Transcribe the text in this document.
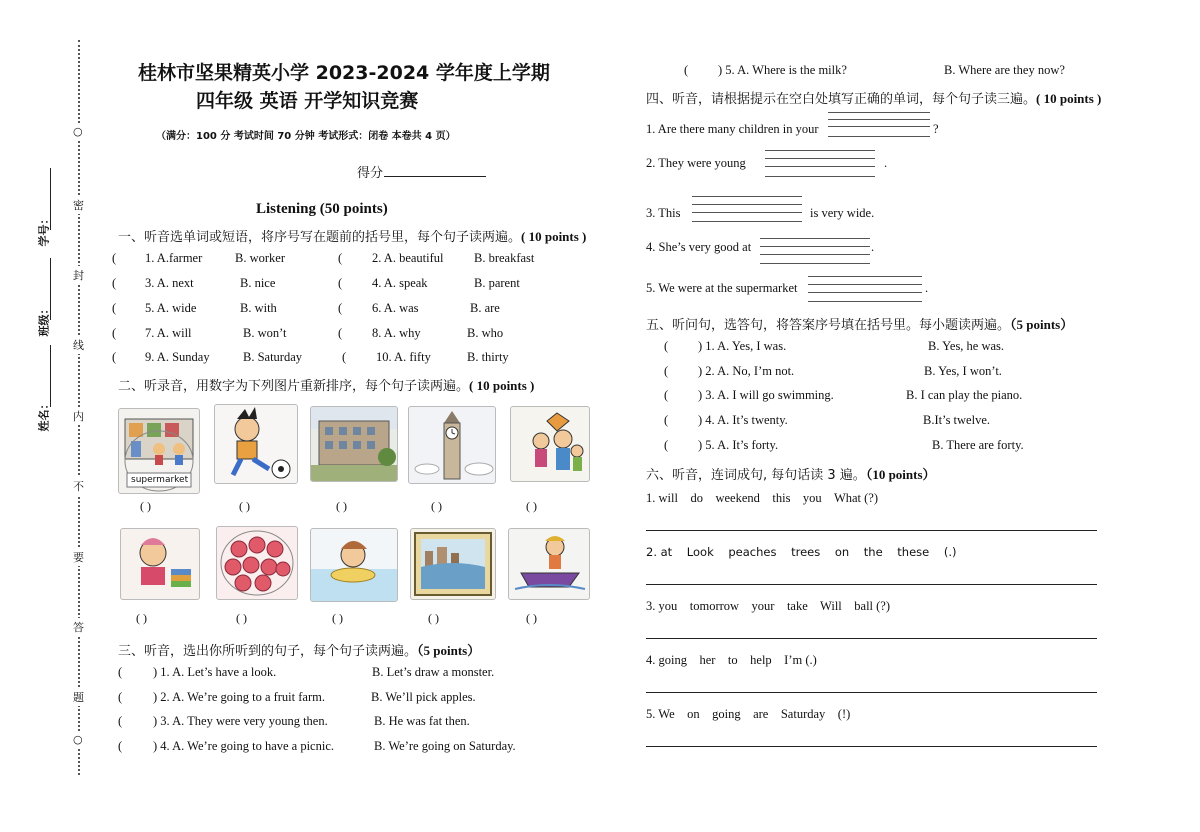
○
密
封
线
内
不
要
答
题
○
学号：
班级：
姓名：
桂林市坚果精英小学 2023-2024 学年度上学期
四年级 英语 开学知识竞赛
（满分：100 分 考试时间 70 分钟 考试形式：闭卷 本卷共 4 页）
得分
Listening (50 points)
一、听音选单词或短语，将序号写在题前的括号里，每个句子读两遍。( 10 points )
( 1. A.farmer	B. worker	( 2. A. beautiful B. breakfast
( 3. A. next	B. nice	( 4. A. speak	B. parent
( 5. A. wide	B. with	( 6. A. was	B. are
( 7. A. will	B. won’t	( 8. A. why	B. who
( 9. A. Sunday	B. Saturday	( 10. A. fifty	B. thirty
二、听录音，用数字为下列图片重新排序，每个句子读两遍。( 10 points )
supermarket
( )	( )	( )	( )	( )
( )	( )	( )	( )	( )
三、听音，选出你所听到的句子，每个句子读两遍。（5 points）
( ) 1. A. Let’s have a look.	B. Let’s draw a monster.
( ) 2. A. We’re going to a fruit farm.	B. We’ll pick apples.
( ) 3. A. They were very young then.	B. He was fat then.
( ) 4. A. We’re going to have a picnic.	B. We’re going on Saturday.
( ) 5. A. Where is the milk?	B. Where are they now?
四、听音，请根据提示在空白处填写正确的单词，每个句子读三遍。( 10 points )
1. Are there many children in your	?
2. They were young	.
3. This	is very wide.
4. She’s very good at	.
5. We were at the supermarket	.
五、听问句，选答句，将答案序号填在括号里。每小题读两遍。（5 points）
( ) 1. A. Yes, I was.	B. Yes, he was.
( ) 2. A. No, I’m not.	B. Yes, I won’t.
( ) 3. A. I will go swimming.	B. I can play the piano.
( ) 4. A. It’s twenty.	B.It’s twelve.
( ) 5. A. It’s forty.	B. There are forty.
六、听音，连词成句, 每句话读 3 遍。（10 points）
1. will    do    weekend    this    you    What (?)
2. at    Look    peaches    trees    on    the    these    (.)
3. you    tomorrow    your    take    Will    ball (?)
4. going    her    to    help    I’m (.)
5. We    on    going    are    Saturday    (!)
